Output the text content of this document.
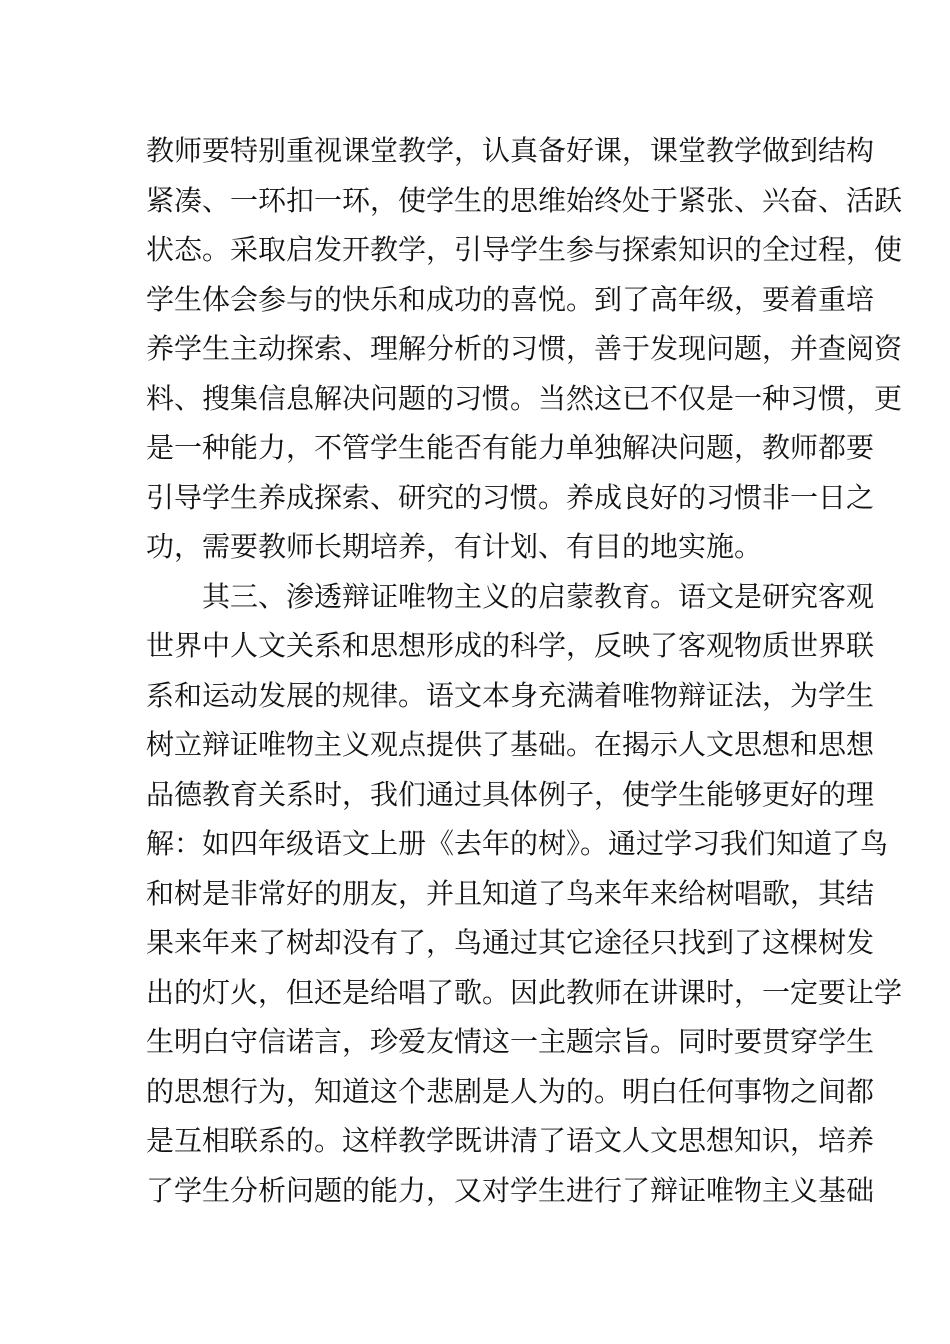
教师要特别重视课堂教学，认真备好课，课堂教学做到结构
紧凑、一环扣一环，使学生的思维始终处于紧张、兴奋、活跃
状态。采取启发开教学，引导学生参与探索知识的全过程，使
学生体会参与的快乐和成功的喜悦。到了高年级，要着重培
养学生主动探索、理解分析的习惯，善于发现问题，并查阅资
料、搜集信息解决问题的习惯。当然这已不仅是一种习惯，更
是一种能力，不管学生能否有能力单独解决问题，教师都要
引导学生养成探索、研究的习惯。养成良好的习惯非一日之
功，需要教师长期培养，有计划、有目的地实施。
其三、渗透辩证唯物主义的启蒙教育。语文是研究客观
世界中人文关系和思想形成的科学，反映了客观物质世界联
系和运动发展的规律。语文本身充满着唯物辩证法，为学生
树立辩证唯物主义观点提供了基础。在揭示人文思想和思想
品德教育关系时，我们通过具体例子，使学生能够更好的理
解：如四年级语文上册《去年的树》。通过学习我们知道了鸟
和树是非常好的朋友，并且知道了鸟来年来给树唱歌，其结
果来年来了树却没有了，鸟通过其它途径只找到了这棵树发
出的灯火，但还是给唱了歌。因此教师在讲课时，一定要让学
生明白守信诺言，珍爱友情这一主题宗旨。同时要贯穿学生
的思想行为，知道这个悲剧是人为的。明白任何事物之间都
是互相联系的。这样教学既讲清了语文人文思想知识，培养
了学生分析问题的能力，又对学生进行了辩证唯物主义基础
